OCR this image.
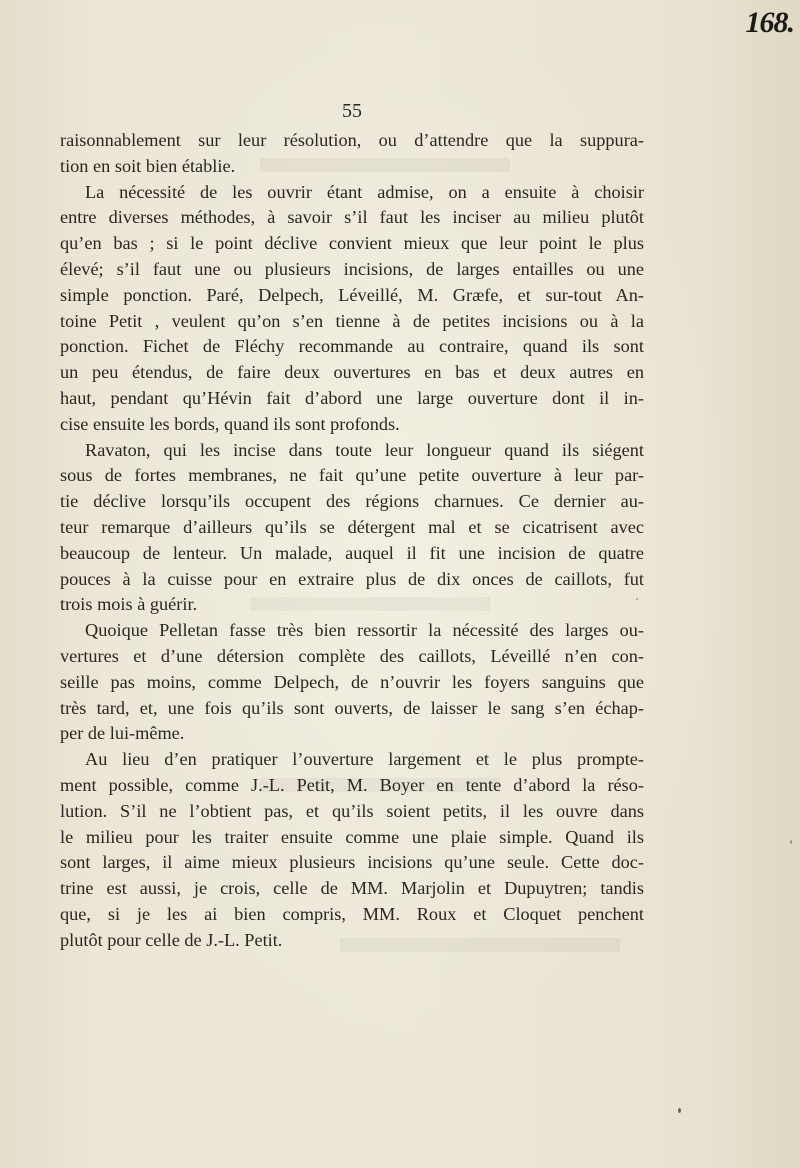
168.
55
raisonnablement sur leur résolution, ou d’attendre que la suppura-
tion en soit bien établie.
La nécessité de les ouvrir étant admise, on a ensuite à choisir
entre diverses méthodes, à savoir s’il faut les inciser au milieu plutôt
qu’en bas ; si le point déclive convient mieux que leur point le plus
élevé; s’il faut une ou plusieurs incisions, de larges entailles ou une
simple ponction. Paré, Delpech, Léveillé, M. Græfe, et sur-tout An-
toine Petit , veulent qu’on s’en tienne à de petites incisions ou à la
ponction. Fichet de Fléchy recommande au contraire, quand ils sont
un peu étendus, de faire deux ouvertures en bas et deux autres en
haut, pendant qu’Hévin fait d’abord une large ouverture dont il in-
cise ensuite les bords, quand ils sont profonds.
Ravaton, qui les incise dans toute leur longueur quand ils siégent
sous de fortes membranes, ne fait qu’une petite ouverture à leur par-
tie déclive lorsqu’ils occupent des régions charnues. Ce dernier au-
teur remarque d’ailleurs qu’ils se détergent mal et se cicatrisent avec
beaucoup de lenteur. Un malade, auquel il fit une incision de quatre
pouces à la cuisse pour en extraire plus de dix onces de caillots, fut
trois mois à guérir.
Quoique Pelletan fasse très bien ressortir la nécessité des larges ou-
vertures et d’une détersion complète des caillots, Léveillé n’en con-
seille pas moins, comme Delpech, de n’ouvrir les foyers sanguins que
très tard, et, une fois qu’ils sont ouverts, de laisser le sang s’en échap-
per de lui-même.
Au lieu d’en pratiquer l’ouverture largement et le plus prompte-
ment possible, comme J.-L. Petit, M. Boyer en tente d’abord la réso-
lution. S’il ne l’obtient pas, et qu’ils soient petits, il les ouvre dans
le milieu pour les traiter ensuite comme une plaie simple. Quand ils
sont larges, il aime mieux plusieurs incisions qu’une seule. Cette doc-
trine est aussi, je crois, celle de MM. Marjolin et Dupuytren; tandis
que, si je les ai bien compris, MM. Roux et Cloquet penchent
plutôt pour celle de J.-L. Petit.
